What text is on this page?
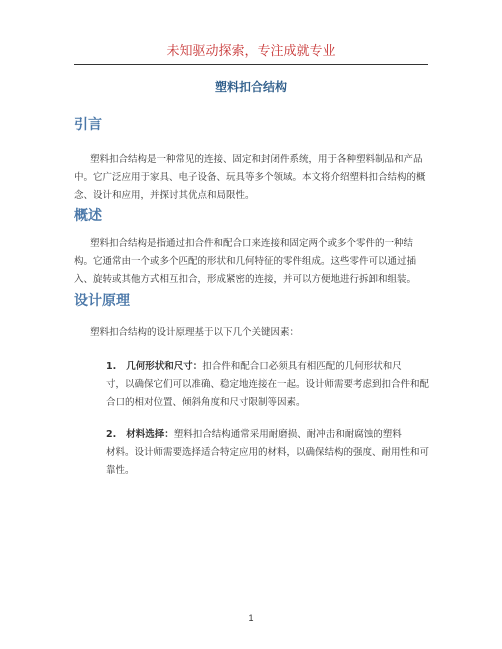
未知驱动探索，专注成就专业
塑料扣合结构
引言

塑料扣合结构是一种常见的连接、固定和封闭件系统，用于各种塑料制品和产品中。它广泛应用于家具、电子设备、玩具等多个领域。本文将介绍塑料扣合结构的概念、设计和应用，并探讨其优点和局限性。

概述

塑料扣合结构是指通过扣合件和配合口来连接和固定两个或多个零件的一种结构。它通常由一个或多个匹配的形状和几何特征的零件组成。这些零件可以通过插入、旋转或其他方式相互扣合，形成紧密的连接，并可以方便地进行拆卸和组装。

设计原理

塑料扣合结构的设计原理基于以下几个关键因素：

1. 几何形状和尺寸：扣合件和配合口必须具有相匹配的几何形状和尺
寸，以确保它们可以准确、稳定地连接在一起。设计师需要考虑到扣合件和配合口的相对位置、倾斜角度和尺寸限制等因素。
2. 材料选择：塑料扣合结构通常采用耐磨损、耐冲击和耐腐蚀的塑料
材料。设计师需要选择适合特定应用的材料，以确保结构的强度、耐用性和可靠性。
1
